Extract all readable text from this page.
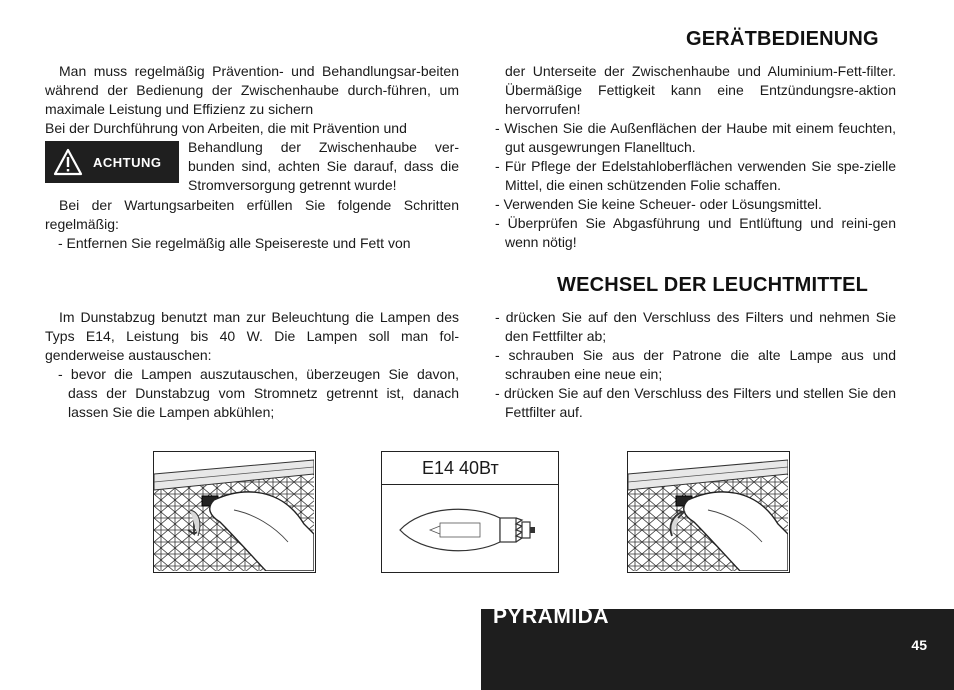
GERÄTBEDIENUNG

Man muss regelmäßig Prävention- und Behandlungsar-beiten während der Bedienung der Zwischenhaube durch-führen, um maximale Leistung und Effizienz zu sichern

Bei der Durchführung von Arbeiten, die mit Prävention und

ACHTUNG
Behandlung der Zwischenhaube ver-bunden sind, achten Sie darauf, dass die Stromversorgung getrennt wurde!

Bei der Wartungsarbeiten erfüllen Sie folgende Schritten regelmäßig:

- Entfernen Sie regelmäßig alle Speisereste und Fett von

der Unterseite der Zwischenhaube und Aluminium-Fett-filter. Übermäßige Fettigkeit kann eine Entzündungsre-aktion hervorrufen!

- Wischen Sie die Außenflächen der Haube mit einem feuchten, gut ausgewrungen Flanelltuch.

- Für Pflege der Edelstahloberflächen verwenden Sie spe-zielle Mittel, die einen schützenden Folie schaffen.

- Verwenden Sie keine Scheuer- oder Lösungsmittel.

- Überprüfen Sie Abgasführung und Entlüftung und reini-gen wenn nötig!

WECHSEL DER LEUCHTMITTEL

Im Dunstabzug benutzt man zur Beleuchtung die Lampen des Typs E14, Leistung bis 40 W. Die Lampen soll man fol-genderweise austauschen:

- bevor die Lampen auszutauschen, überzeugen Sie davon, dass der Dunstabzug vom Stromnetz getrennt ist, danach lassen Sie die Lampen abkühlen;

- drücken Sie auf den Verschluss des Filters und nehmen Sie den Fettfilter ab;

- schrauben Sie aus der Patrone die alte Lampe aus und schrauben eine neue ein;

- drücken Sie auf den Verschluss des Filters und stellen Sie den Fettfilter auf.

E14 40Вт
PYRAMIDA
45
